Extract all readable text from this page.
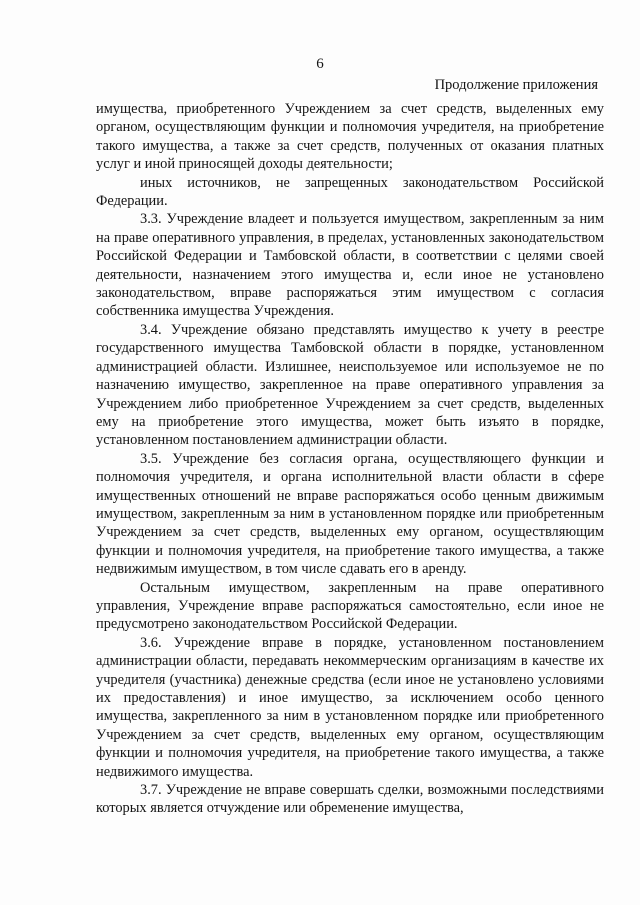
6
Продолжение приложения

имущества, приобретенного Учреждением за счет средств, выделенных ему органом, осуществляющим функции и полномочия учредителя, на приобретение такого имущества, а также за счет средств, полученных от оказания платных услуг и иной приносящей доходы деятельности;

иных источников, не запрещенных законодательством Российской Федерации.

3.3. Учреждение владеет и пользуется имуществом, закрепленным за ним на праве оперативного управления, в пределах, установленных законодательством Российской Федерации и Тамбовской области, в соответствии с целями своей деятельности, назначением этого имущества и, если иное не установлено законодательством, вправе распоряжаться этим имуществом с согласия собственника имущества Учреждения.

3.4. Учреждение обязано представлять имущество к учету в реестре государственного имущества Тамбовской области в порядке, установленном администрацией области. Излишнее, неиспользуемое или используемое не по назначению имущество, закрепленное на праве оперативного управления за Учреждением либо приобретенное Учреждением за счет средств, выделенных ему на приобретение этого имущества, может быть изъято в порядке, установленном постановлением администрации области.

3.5. Учреждение без согласия органа, осуществляющего функции и полномочия учредителя, и органа исполнительной власти области в сфере имущественных отношений не вправе распоряжаться особо ценным движимым имуществом, закрепленным за ним в установленном порядке или приобретенным Учреждением за счет средств, выделенных ему органом, осуществляющим функции и полномочия учредителя, на приобретение такого имущества, а также недвижимым имуществом, в том числе сдавать его в аренду.

Остальным имуществом, закрепленным на праве оперативного управления, Учреждение вправе распоряжаться самостоятельно, если иное не предусмотрено законодательством Российской Федерации.

3.6. Учреждение вправе в порядке, установленном постановлением администрации области, передавать некоммерческим организациям в качестве их учредителя (участника) денежные средства (если иное не установлено условиями их предоставления) и иное имущество, за исключением особо ценного имущества, закрепленного за ним в установленном порядке или приобретенного Учреждением за счет средств, выделенных ему органом, осуществляющим функции и полномочия учредителя, на приобретение такого имущества, а также недвижимого имущества.

3.7. Учреждение не вправе совершать сделки, возможными последствиями которых является отчуждение или обременение имущества,
